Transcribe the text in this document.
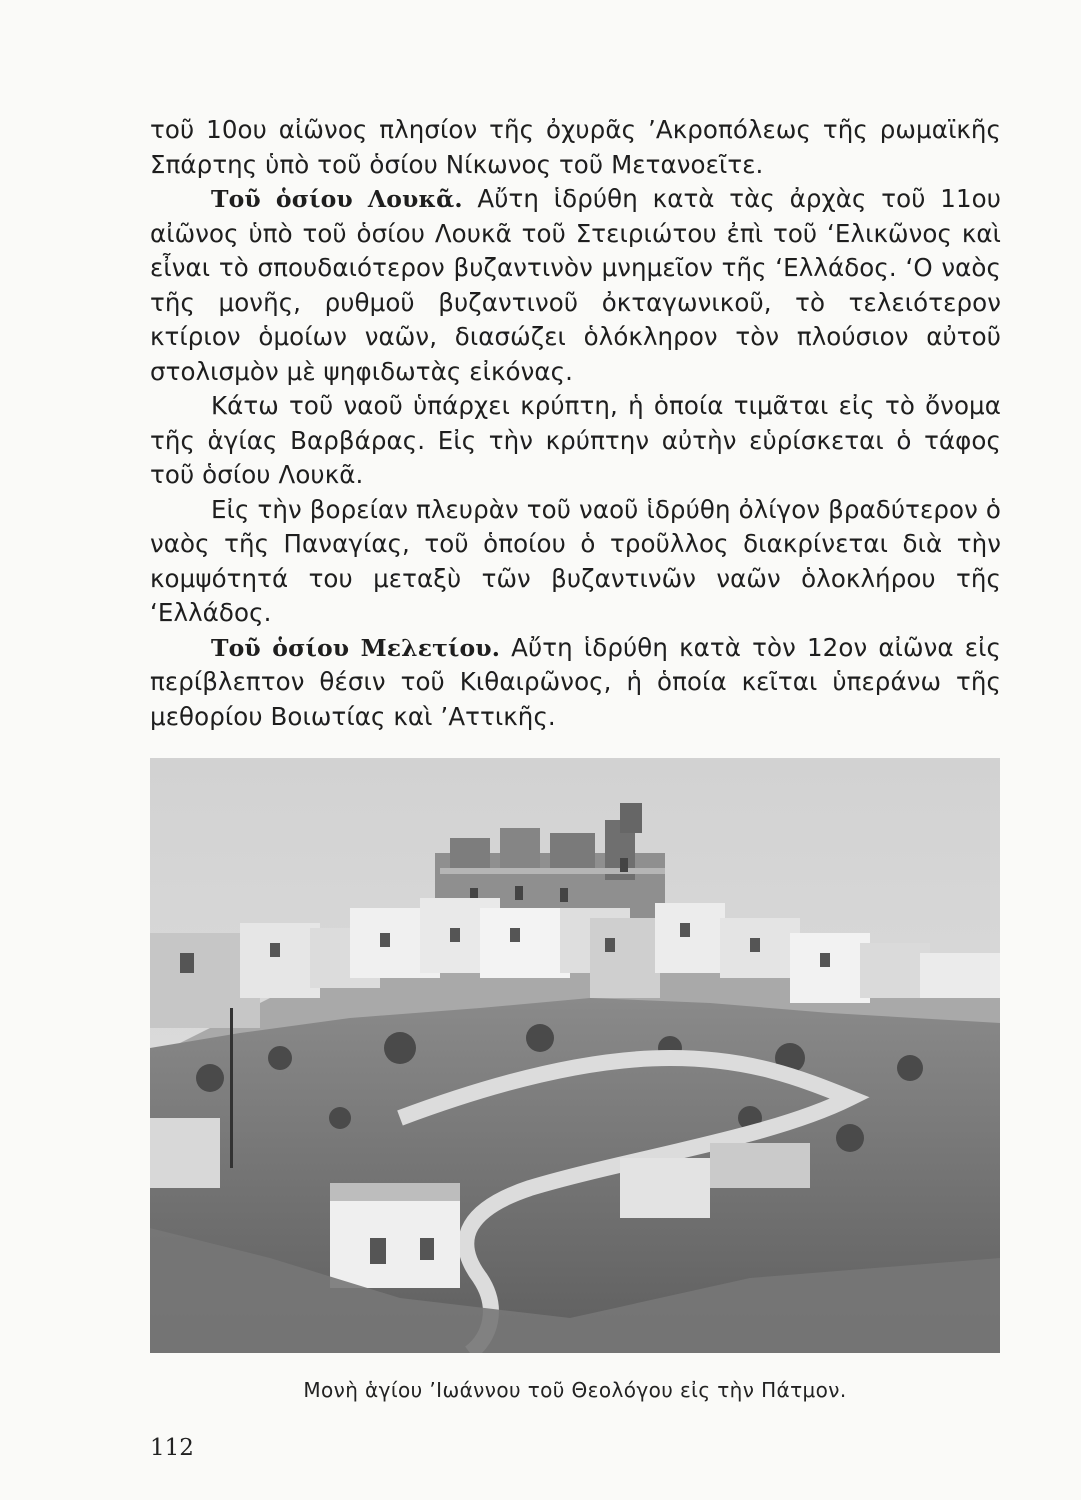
τοῦ 10ου αἰῶνος πλησίον τῆς ὀχυρᾶς ’Ακροπόλεως τῆς ρωμαϊκῆς Σπάρτης ὑπὸ τοῦ ὁσίου Νίκωνος τοῦ Μετανοεῖτε.

Τοῦ ὁσίου Λουκᾶ. Αὔτη ἱδρύθη κατὰ τὰς ἀρχὰς τοῦ 11ου αἰῶνος ὑπὸ τοῦ ὁσίου Λουκᾶ τοῦ Στειριώτου ἐπὶ τοῦ ‘Ελικῶνος καὶ εἶναι τὸ σπουδαιότερον βυζαντινὸν μνημεῖον τῆς ‘Ελλάδος. ‘Ο ναὸς τῆς μονῆς, ρυθμοῦ βυζαντινοῦ ὀκταγωνικοῦ, τὸ τελειότερον κτίριον ὁμοίων ναῶν, διασώζει ὁλόκληρον τὸν πλούσιον αὐτοῦ στολισμὸν μὲ ψηφιδωτὰς εἰκόνας.

Κάτω τοῦ ναοῦ ὑπάρχει κρύπτη, ἡ ὁποία τιμᾶται εἰς τὸ ὄνομα τῆς ἁγίας Βαρβάρας. Εἰς τὴν κρύπτην αὐτὴν εὑρίσκεται ὁ τάφος τοῦ ὁσίου Λουκᾶ.

Εἰς τὴν βορείαν πλευρὰν τοῦ ναοῦ ἱδρύθη ὀλίγον βραδύτερον ὁ ναὸς τῆς Παναγίας, τοῦ ὁποίου ὁ τροῦλλος διακρίνεται διὰ τὴν κομψότητά του μεταξὺ τῶν βυζαντινῶν ναῶν ὁλοκλήρου τῆς ‘Ελλάδος.

Τοῦ ὁσίου Μελετίου. Αὔτη ἱδρύθη κατὰ τὸν 12ον αἰῶνα εἰς περίβλεπτον θέσιν τοῦ Κιθαιρῶνος, ἡ ὁποία κεῖται ὑπεράνω τῆς μεθορίου Βοιωτίας καὶ ’Αττικῆς.

Μονὴ ἁγίου ’Ιωάννου τοῦ Θεολόγου εἰς τὴν Πάτμον.
112
